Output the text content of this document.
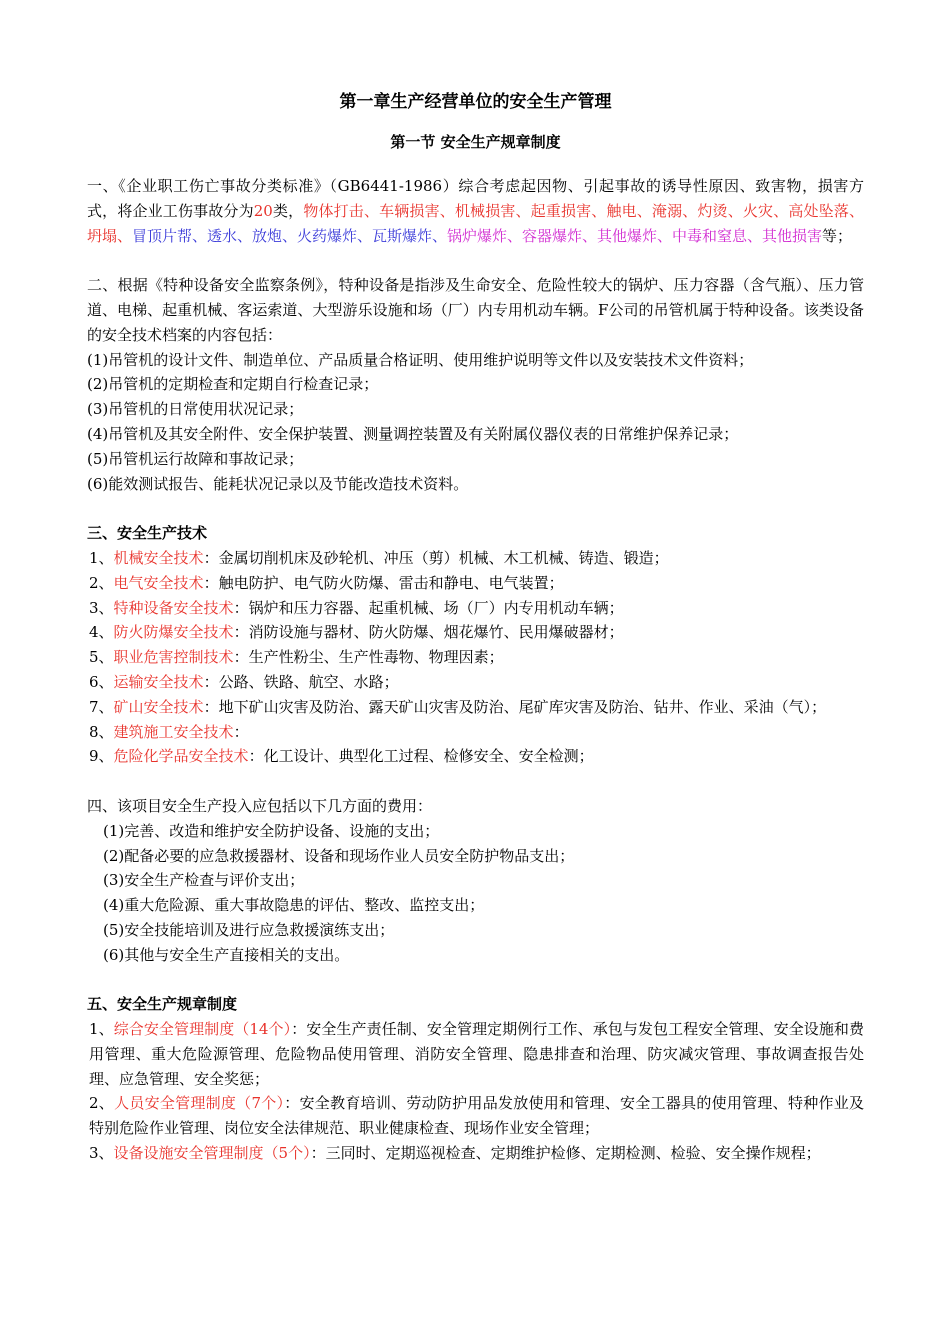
第一章生产经营单位的安全生产管理
第一节 安全生产规章制度

一、《企业职工伤亡事故分类标准》（GB6441-1986）综合考虑起因物、引起事故的诱导性原因、致害物，损害方式，将企业工伤事故分为20类，物体打击、车辆损害、机械损害、起重损害、触电、淹溺、灼烫、火灾、高处坠落、坍塌、冒顶片帮、透水、放炮、火药爆炸、瓦斯爆炸、锅炉爆炸、容器爆炸、其他爆炸、中毒和窒息、其他损害等；

二、根据《特种设备安全监察条例》，特种设备是指涉及生命安全、危险性较大的锅炉、压力容器（含气瓶）、压力管道、电梯、起重机械、客运索道、大型游乐设施和场（厂）内专用机动车辆。F公司的吊管机属于特种设备。该类设备的安全技术档案的内容包括：

(1)吊管机的设计文件、制造单位、产品质量合格证明、使用维护说明等文件以及安装技术文件资料；

(2)吊管机的定期检查和定期自行检查记录；

(3)吊管机的日常使用状况记录；

(4)吊管机及其安全附件、安全保护装置、测量调控装置及有关附属仪器仪表的日常维护保养记录；

(5)吊管机运行故障和事故记录；

(6)能效测试报告、能耗状况记录以及节能改造技术资料。

三、安全生产技术

1、机械安全技术：金属切削机床及砂轮机、冲压（剪）机械、木工机械、铸造、锻造；

2、电气安全技术：触电防护、电气防火防爆、雷击和静电、电气装置；

3、特种设备安全技术：锅炉和压力容器、起重机械、场（厂）内专用机动车辆；

4、防火防爆安全技术：消防设施与器材、防火防爆、烟花爆竹、民用爆破器材；

5、职业危害控制技术：生产性粉尘、生产性毒物、物理因素；

6、运输安全技术：公路、铁路、航空、水路；

7、矿山安全技术：地下矿山灾害及防治、露天矿山灾害及防治、尾矿库灾害及防治、钻井、作业、采油（气）；

8、建筑施工安全技术：

9、危险化学品安全技术：化工设计、典型化工过程、检修安全、安全检测；

四、该项目安全生产投入应包括以下几方面的费用：

(1)完善、改造和维护安全防护设备、设施的支出；

(2)配备必要的应急救援器材、设备和现场作业人员安全防护物品支出；

(3)安全生产检查与评价支出；

(4)重大危险源、重大事故隐患的评估、整改、监控支出；

(5)安全技能培训及进行应急救援演练支出；

(6)其他与安全生产直接相关的支出。

五、安全生产规章制度

1、综合安全管理制度（14个）：安全生产责任制、安全管理定期例行工作、承包与发包工程安全管理、安全设施和费用管理、重大危险源管理、危险物品使用管理、消防安全管理、隐患排查和治理、防灾减灾管理、事故调查报告处理、应急管理、安全奖惩；

2、人员安全管理制度（7个）：安全教育培训、劳动防护用品发放使用和管理、安全工器具的使用管理、特种作业及特别危险作业管理、岗位安全法律规范、职业健康检查、现场作业安全管理；

3、设备设施安全管理制度（5个）：三同时、定期巡视检查、定期维护检修、定期检测、检验、安全操作规程；
